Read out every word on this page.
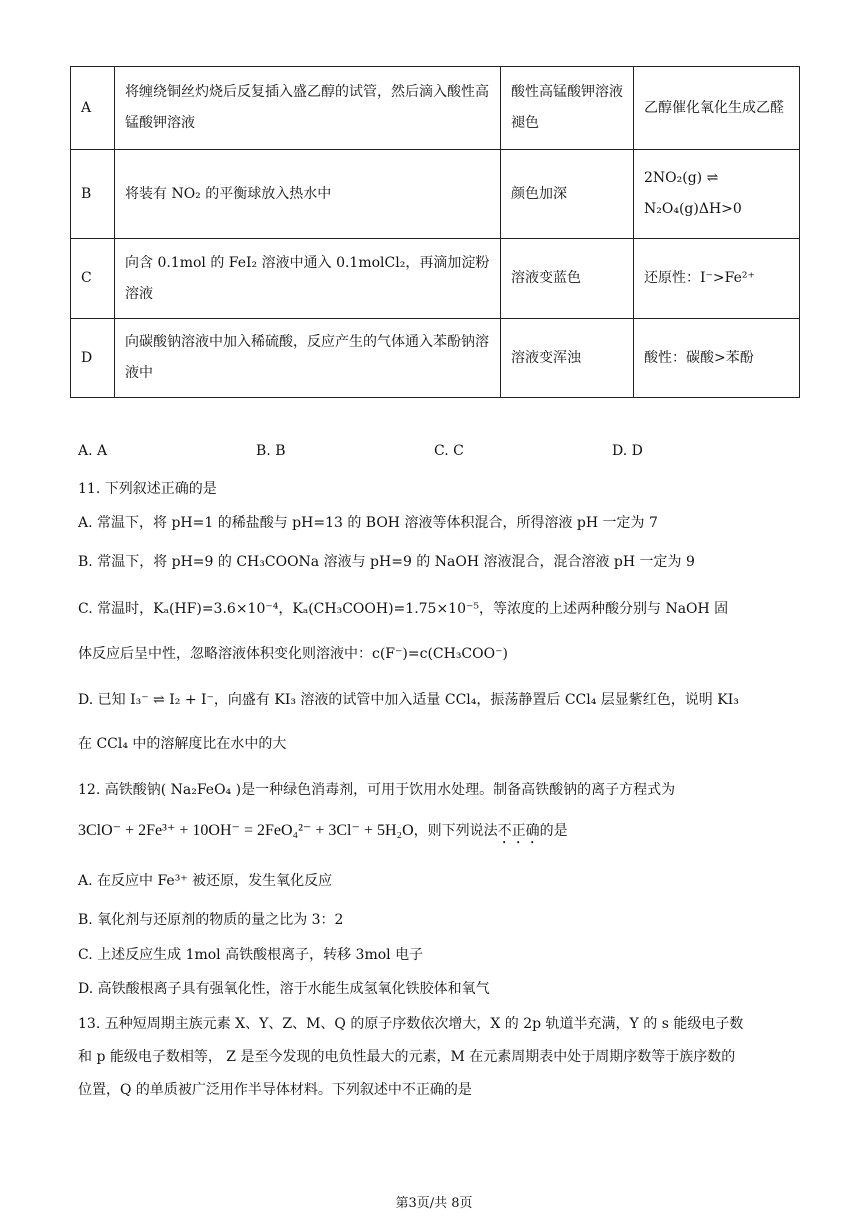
A	将缠绕铜丝灼烧后反复插入盛乙醇的试管，然后滴入酸性高锰酸钾溶液	酸性高锰酸钾溶液褪色	乙醇催化氧化生成乙醛
B	将装有 NO₂ 的平衡球放入热水中	颜色加深	2NO₂(g) ⇌ N₂O₄(g)ΔH>0
C	向含 0.1mol 的 FeI₂ 溶液中通入 0.1molCl₂，再滴加淀粉溶液	溶液变蓝色	还原性：I⁻>Fe²⁺
D	向碳酸钠溶液中加入稀硫酸，反应产生的气体通入苯酚钠溶液中	溶液变浑浊	酸性：碳酸>苯酚
A. A	B. B	C. C	D. D
11. 下列叙述正确的是
A. 常温下，将 pH=1 的稀盐酸与 pH=13 的 BOH 溶液等体积混合，所得溶液 pH 一定为 7
B. 常温下，将 pH=9 的 CH₃COONa 溶液与 pH=9 的 NaOH 溶液混合，混合溶液 pH 一定为 9
C. 常温时，Kₐ(HF)=3.6×10⁻⁴，Kₐ(CH₃COOH)=1.75×10⁻⁵，等浓度的上述两种酸分别与 NaOH 固
体反应后呈中性，忽略溶液体积变化则溶液中：c(F⁻)=c(CH₃COO⁻)
D. 已知 I₃⁻ ⇌ I₂ + I⁻，向盛有 KI₃ 溶液的试管中加入适量 CCl₄，振荡静置后 CCl₄ 层显紫红色，说明 KI₃
在 CCl₄ 中的溶解度比在水中的大
12. 高铁酸钠( Na₂FeO₄ )是一种绿色消毒剂，可用于饮用水处理。制备高铁酸钠的离子方程式为
3ClO⁻ + 2Fe³⁺ + 10OH⁻ = 2FeO₄²⁻ + 3Cl⁻ + 5H₂O，则下列说法不正确的是
A. 在反应中 Fe³⁺ 被还原，发生氧化反应
B. 氧化剂与还原剂的物质的量之比为 3：2
C. 上述反应生成 1mol 高铁酸根离子，转移 3mol 电子
D. 高铁酸根离子具有强氧化性，溶于水能生成氢氧化铁胶体和氧气
13. 五种短周期主族元素 X、Y、Z、M、Q 的原子序数依次增大，X 的 2p 轨道半充满，Y 的 s 能级电子数
和 p 能级电子数相等， Z 是至今发现的电负性最大的元素，M 在元素周期表中处于周期序数等于族序数的
位置，Q 的单质被广泛用作半导体材料。下列叙述中不正确的是
第3页/共 8页
